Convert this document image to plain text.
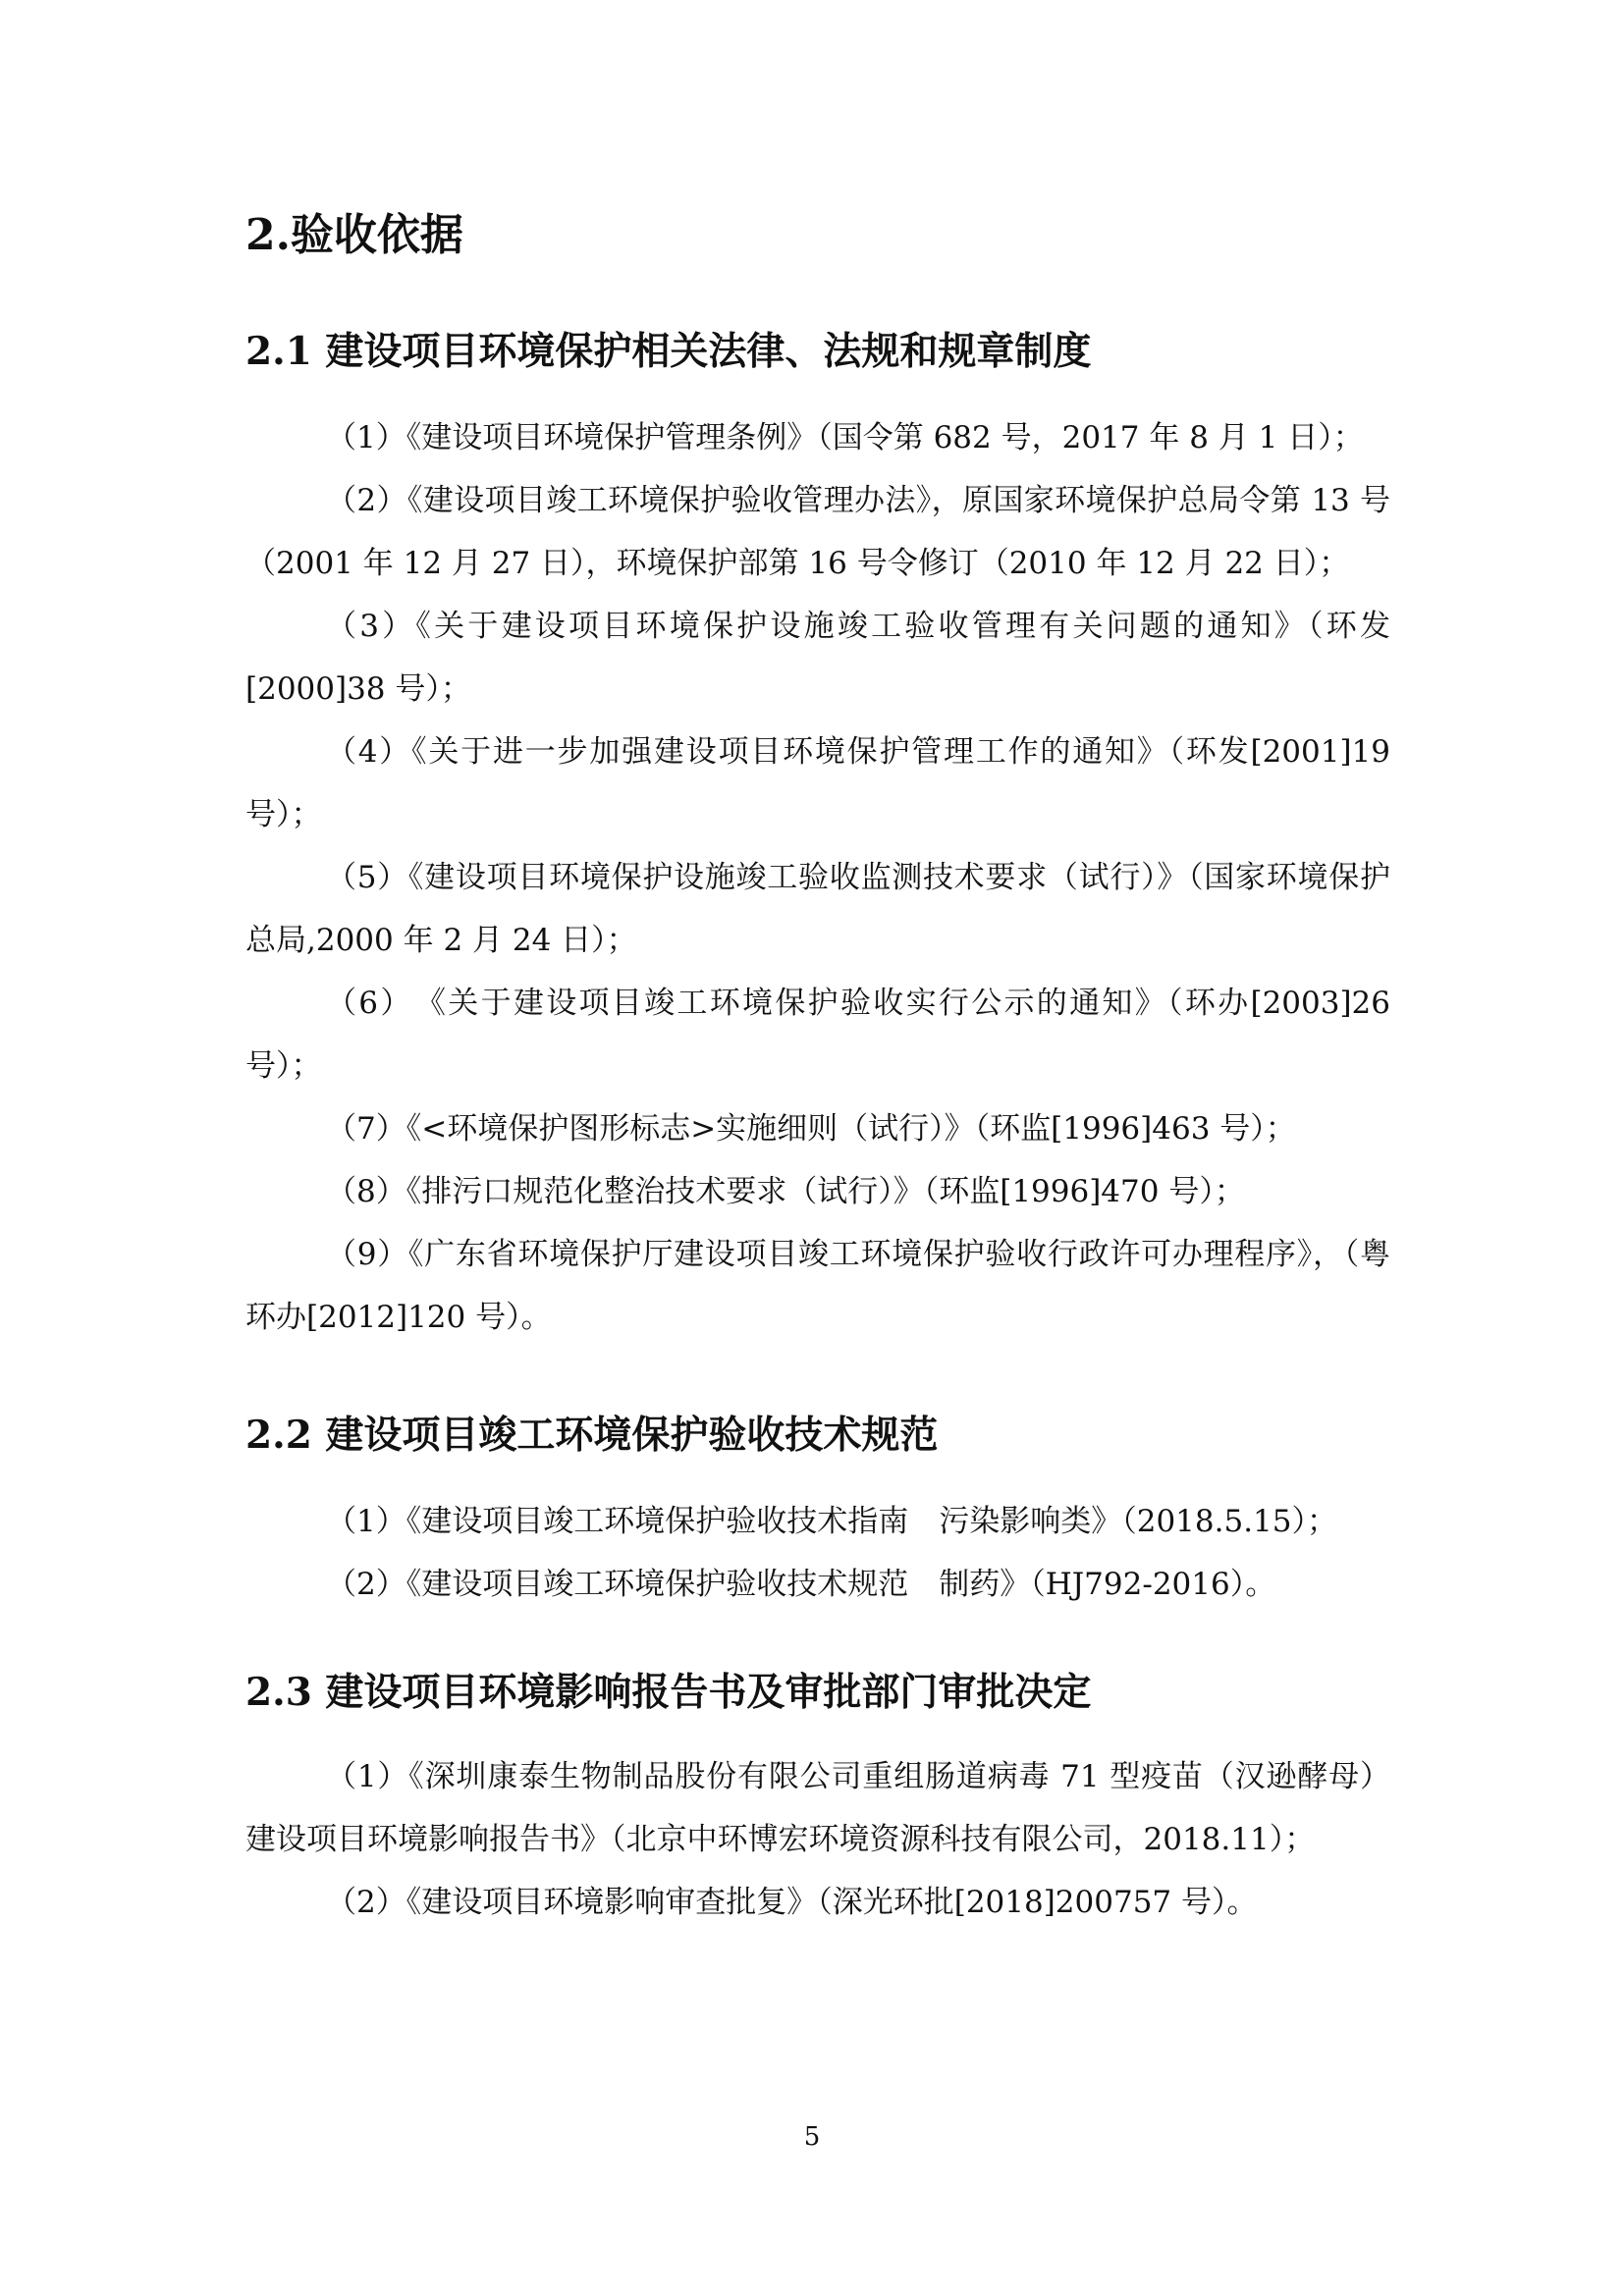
2.验收依据
2.1 建设项目环境保护相关法律、法规和规章制度

（1）《建设项目环境保护管理条例》（国令第 682 号，2017 年 8 月 1 日）；

（2）《建设项目竣工环境保护验收管理办法》，原国家环境保护总局令第 13 号（2001 年 12 月 27 日），环境保护部第 16 号令修订（2010 年 12 月 22 日）；

（3）《关于建设项目环境保护设施竣工验收管理有关问题的通知》（环发[2000]38 号）；

（4）《关于进一步加强建设项目环境保护管理工作的通知》（环发[2001]19 号）；

（5）《建设项目环境保护设施竣工验收监测技术要求（试行）》（国家环境保护总局,2000 年 2 月 24 日）；

（6）　《关于建设项目竣工环境保护验收实行公示的通知》（环办[2003]26 号）；

（7）《<环境保护图形标志>实施细则（试行）》（环监[1996]463 号）；

（8）《排污口规范化整治技术要求（试行）》（环监[1996]470 号）；

（9）《广东省环境保护厅建设项目竣工环境保护验收行政许可办理程序》，（粤环办[2012]120 号）。

2.2 建设项目竣工环境保护验收技术规范

（1）《建设项目竣工环境保护验收技术指南　污染影响类》（2018.5.15）；

（2）《建设项目竣工环境保护验收技术规范　制药》（HJ792-2016）。

2.3 建设项目环境影响报告书及审批部门审批决定

（1）《深圳康泰生物制品股份有限公司重组肠道病毒 71 型疫苗（汉逊酵母）建设项目环境影响报告书》（北京中环博宏环境资源科技有限公司，2018.11）；

（2）《建设项目环境影响审查批复》（深光环批[2018]200757 号）。

5
